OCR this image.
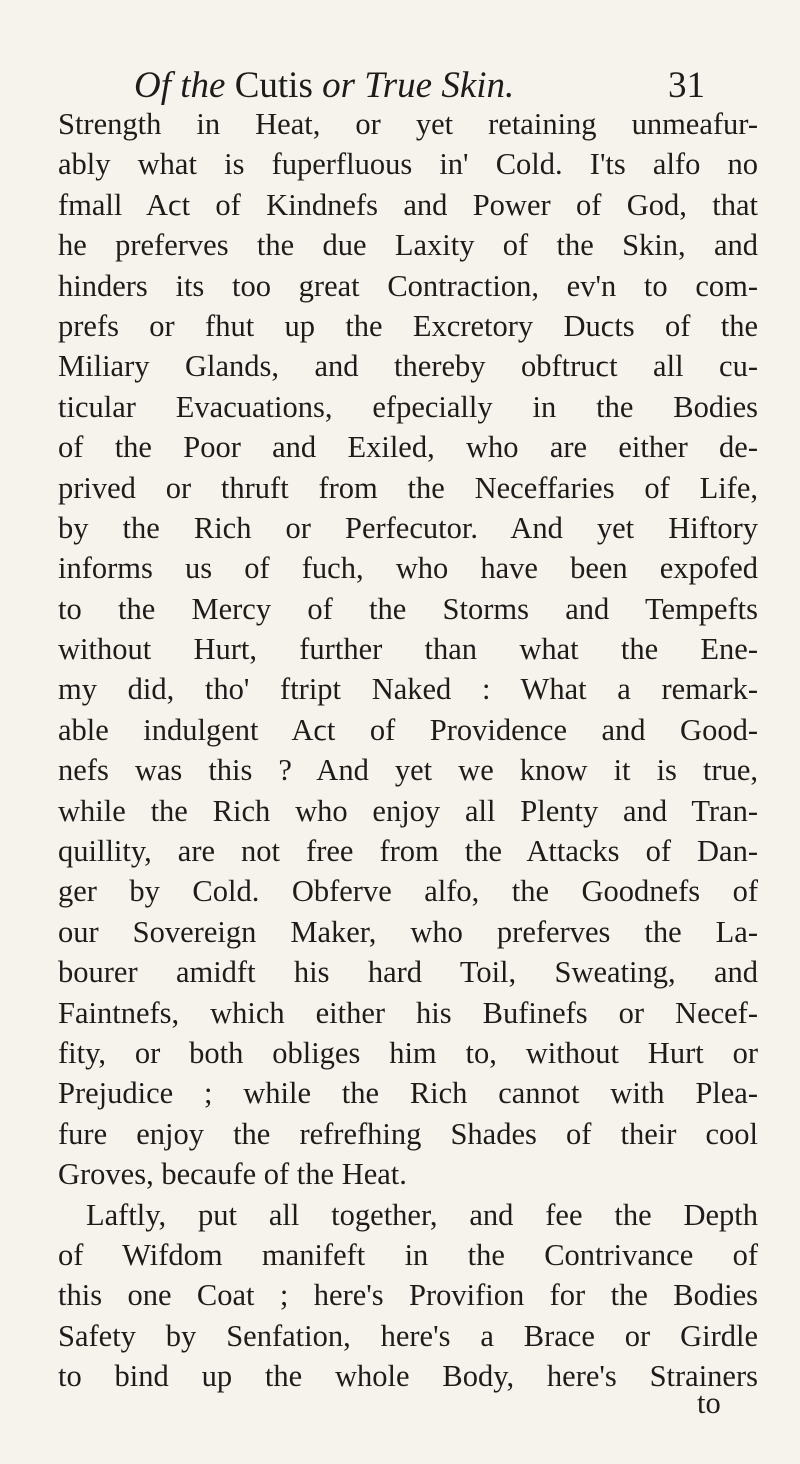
Of the Cutis or True Skin.	31
Strength in Heat, or yet retaining unmeafur-
ably what is fuperfluous in' Cold. I'ts alfo no
fmall Aϲt of Kindnefs and Power of God, that
he preferves the due Laxity of the Skin, and
hinders its too great Contraϲtion, ev'n to com-
prefs or fhut up the Excretory Duϲts of the
Miliary Glands, and thereby obftruϲt all cu-
ticular Evacuations, efpecially in the Bodies
of the Poor and Exiled, who are either de-
prived or thruft from the Neceffaries of Life,
by the Rich or Perfecutor. And yet Hiftory
informs us of fuch, who have been expofed
to the Mercy of the Storms and Tempefts
without Hurt, further than what the Ene-
my did, tho' ftript Naked : What a remark-
able indulgent Aϲt of Providence and Good-
nefs was this ? And yet we know it is true,
while the Rich who enjoy all Plenty and Tran-
quillity, are not free from the Attacks of Dan-
ger by Cold. Obferve alfo, the Goodnefs of
our Sovereign Maker, who preferves the La-
bourer amidft his hard Toil, Sweating, and
Faintnefs, which either his Bufinefs or Necef-
fity, or both obliges him to, without Hurt or
Prejudice ; while the Rich cannot with Plea-
fure enjoy the refrefhing Shades of their cool
Groves, becaufe of the Heat.
Laftly, put all together, and fee the Depth
of Wifdom manifeft in the Contrivance of
this one Coat ; here's Provifion for the Bodies
Safety by Senfation, here's a Brace or Girdle
to bind up the whole Body, here's Strainers
to
